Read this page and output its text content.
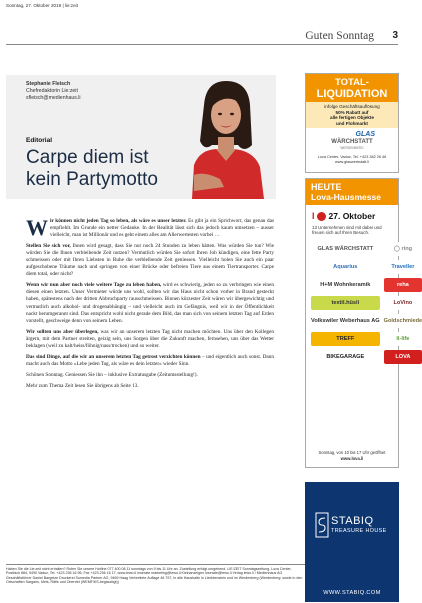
Sonntag, 27. Oktober 2019 | lie:zeit
Guten Sonntag 3
Stephanie Fleisch
Chefredaktorin Lie:zeit
sfleisch@medienhaus.li
Editorial
Carpe diem ist
kein Partymotto

Wir können nicht jeden Tag so leben, als wäre es unser letzter. Es gibt ja ein Sprichwort, das genau das empfiehlt. Im Grunde ein netter Gedanke. In der Realität lässt sich das jedoch kaum umsetzen – ausser vielleicht, man ist Millionär und es geht einem alles am Allerwertesten vorbei …

Stellen Sie sich vor, Ihnen wird gesagt, dass Sie nur noch 24 Stunden zu leben hätten. Was würden Sie tun? Wie würden Sie die Ihnen verbleibende Zeit nutzen? Vermutlich würden Sie sofort Ihren Job kündigen, eine fette Party schmeissen oder mit Ihren Liebsten in Ruhe die verbleibende Zeit geniessen. Vielleicht holen Sie auch ein paar aufgeschobene Träume nach und springen von einer Brücke oder befreien Tiere aus einem Tiertransporter. Carpe diem total, oder nicht?

Wenn wir nun aber noch viele weitere Tage zu leben haben, wird es schwierig, jeden so zu verbringen wie einen diesen einen letzten. Unser Vermieter würde uns wohl, sollten wir das Haus nicht schon vorher in Brand gesteckt haben, spätestens nach der dritten Abbruchparty rausschmeissen. Binnen kürzester Zeit wären wir übergewichtig und vermutlich auch alkohol- und drogenabhängig – und vielleicht auch im Gefängnis, weil wir in der Öffentlichkeit nackt herumgerannt sind. Das entspricht wohl nicht gerade dem Bild, das man sich von seinem letzten Tag auf Erden vorstellt, geschweige denn von seinem Leben.

Wir sollten uns aber überlegen, was wir an unserem letzten Tag nicht machen möchten. Uns über den Kollegen ärgern, mit dem Partner streiten, geizig sein, uns Sorgen über die Zukunft machen, fernsehen, uns über das Wetter beklagen (weil zu kalt/heiss/föhnig/nass/trocken) und so weiter.

Das sind Dinge, auf die wir an unserem letzten Tag getrost verzichten können – und eigentlich auch sonst. Dann macht auch das Motto «Lebe jeden Tag, als wäre es dein letzter» wieder Sinn.

Schönen Sonntag. Geniessen Sie ihn – inklusive Extratusgabe (Zeitumsstellung!).

Mehr zum Thema Zeit lesen Sie übrigens ab Seite 13.

Haben Sie die Lie:zeit nicht erhalten? Rufen Sie unsere Hotline 077 400 08 11 sonntags von 9 bis 11 Uhr an. Zustellung erfolgt umgehend. LIE:ZEIT Sonntagszeitung, Lova Center, Postfach 884, 9490 Vaduz, Tel. +423 236 16 96, Fax +423 236 16 17, www.lewo.li Inserate marketing@lewo.li Kleinanzeigen inserate@lewo.li Verlag lewo.li / Medienhaus AG Geschäftsführer Daniel Bargetze Druckerei Somedia Partner AG, 9469 Haag Verbreitete Auflage 46 797, in alle Haushalte in Liechtenstein und im Werdenberg (Werdenberg: sowie in den Ortschaften Sargans, Mels, Räfis und Oberriet (WEMF/KS-beglaubigt))
TOTAL-
LIQUIDATION
infolge Geschäftsauflösung
50% Rabatt auf
alle fertigen Objekte
und Flohmarkt
GLAS
WÄRCHSTATT
WERDENBERG
Lova Center, Vaduz, Tel. +423 382 26 46
www.glaswerkstatt.li
HEUTE
Lova-Hausmesse
I 27. Oktober
13 Unternehmen sind mit dabei und freuen sich auf Ihren Besuch.
GLAS WÄRCHSTATT	◯ ring
Aquarius	Traveller
H+M Wohnkeramik	reha
textil.hüsli	LoVino
Volkswiler Weberhaus AG Goldschmiede
TREFF	li-life
BIKEGARAGE	LOVA
Sonntag, von 10 bis 17 Uhr geöffnet
www.lova.li
STABIQ
TREASURE HOUSE
WWW.STABIQ.COM
